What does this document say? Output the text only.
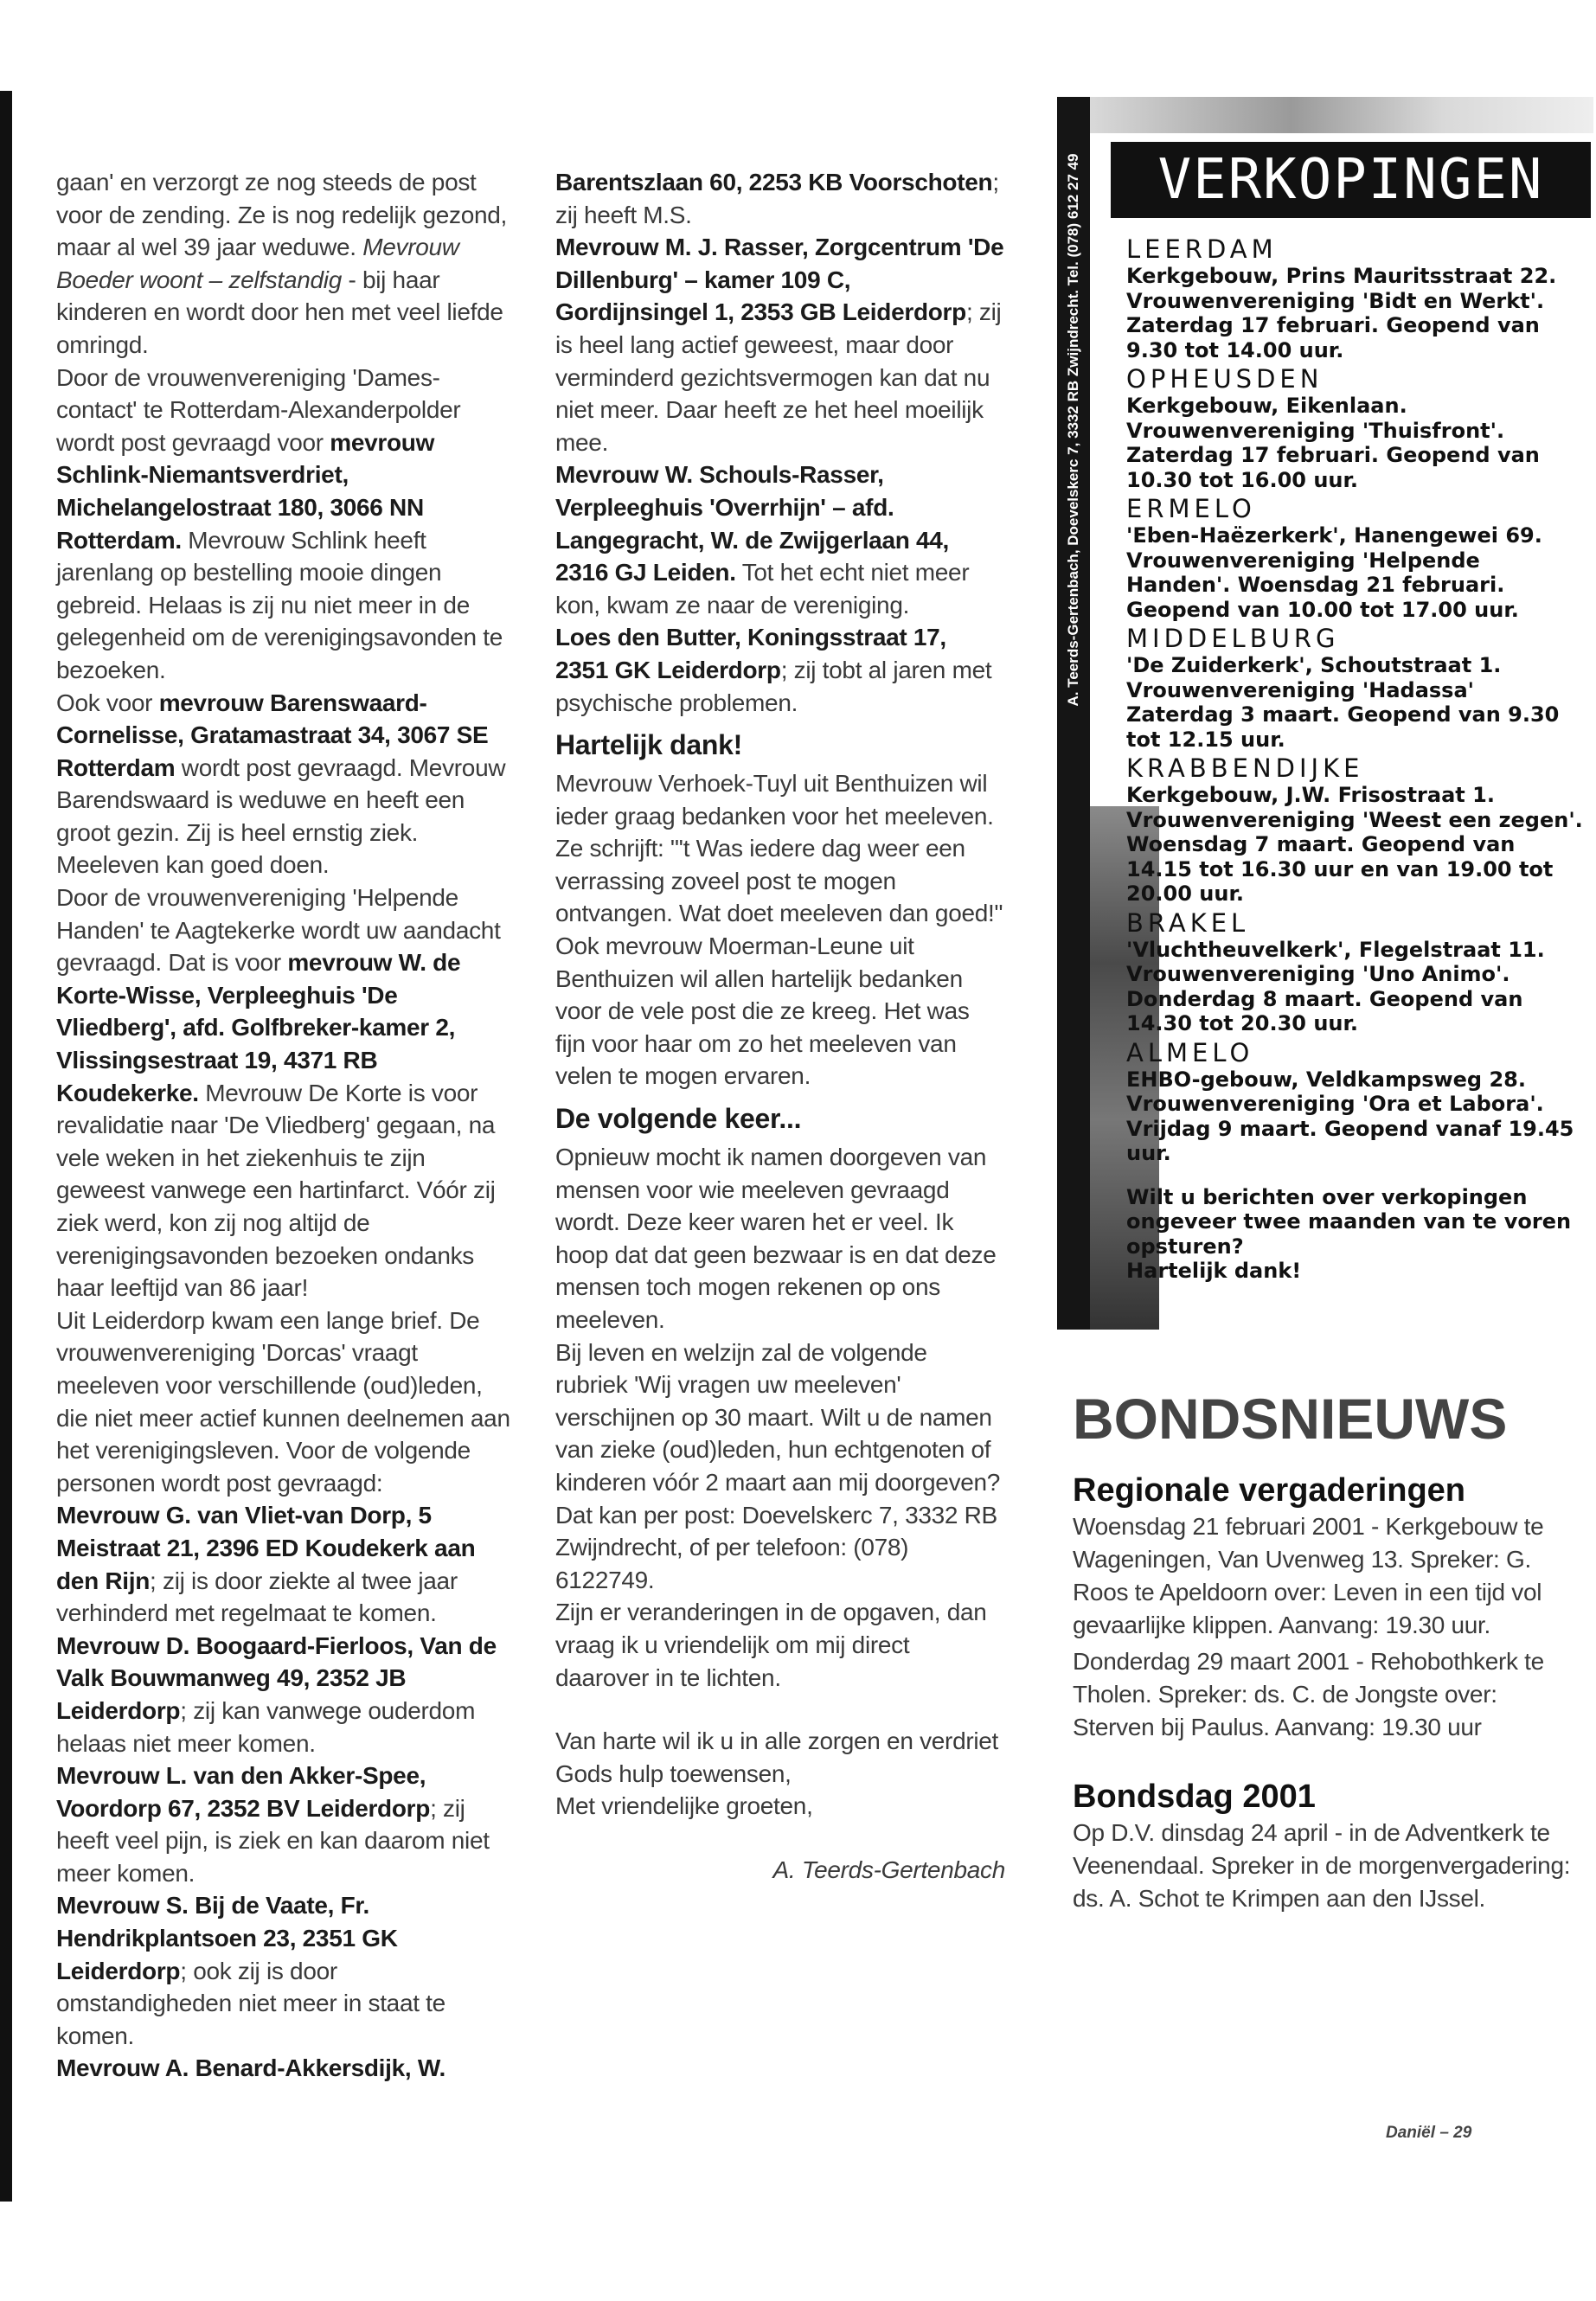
gaan' en verzorgt ze nog steeds de post voor de zending. Ze is nog redelijk gezond, maar al wel 39 jaar weduwe. Mevrouw Boeder woont – zelfstandig - bij haar kinderen en wordt door hen met veel liefde omringd.

Door de vrouwenvereniging 'Dames-contact' te Rotterdam-Alexanderpolder wordt post gevraagd voor mevrouw Schlink-Niemantsverdriet, Michelangelostraat 180, 3066 NN Rotterdam. Mevrouw Schlink heeft jarenlang op bestelling mooie dingen gebreid. Helaas is zij nu niet meer in de gelegenheid om de verenigingsavonden te bezoeken.

Ook voor mevrouw Barenswaard-Cornelisse, Gratamastraat 34, 3067 SE Rotterdam wordt post gevraagd. Mevrouw Barendswaard is weduwe en heeft een groot gezin. Zij is heel ernstig ziek. Meeleven kan goed doen.

Door de vrouwenvereniging 'Helpende Handen' te Aagtekerke wordt uw aandacht gevraagd. Dat is voor mevrouw W. de Korte-Wisse, Verpleeghuis 'De Vliedberg', afd. Golfbreker-kamer 2, Vlissingsestraat 19, 4371 RB Koudekerke. Mevrouw De Korte is voor revalidatie naar 'De Vliedberg' gegaan, na vele weken in het ziekenhuis te zijn geweest vanwege een hartinfarct. Vóór zij ziek werd, kon zij nog altijd de verenigingsavonden bezoeken ondanks haar leeftijd van 86 jaar!

Uit Leiderdorp kwam een lange brief. De vrouwenvereniging 'Dorcas' vraagt meeleven voor verschillende (oud)leden, die niet meer actief kunnen deelnemen aan het verenigingsleven. Voor de volgende personen wordt post gevraagd:

Mevrouw G. van Vliet-van Dorp, 5 Meistraat 21, 2396 ED Koudekerk aan den Rijn; zij is door ziekte al twee jaar verhinderd met regelmaat te komen.

Mevrouw D. Boogaard-Fierloos, Van de Valk Bouwmanweg 49, 2352 JB Leiderdorp; zij kan vanwege ouderdom helaas niet meer komen.

Mevrouw L. van den Akker-Spee, Voordorp 67, 2352 BV Leiderdorp; zij heeft veel pijn, is ziek en kan daarom niet meer komen.

Mevrouw S. Bij de Vaate, Fr. Hendrikplantsoen 23, 2351 GK Leiderdorp; ook zij is door omstandigheden niet meer in staat te komen.

Mevrouw A. Benard-Akkersdijk, W.

Barentszlaan 60, 2253 KB Voorschoten; zij heeft M.S.

Mevrouw M. J. Rasser, Zorgcentrum 'De Dillenburg' – kamer 109 C, Gordijnsingel 1, 2353 GB Leiderdorp; zij is heel lang actief geweest, maar door verminderd gezichtsvermogen kan dat nu niet meer. Daar heeft ze het heel moeilijk mee.

Mevrouw W. Schouls-Rasser, Verpleeghuis 'Overrhijn' – afd. Langegracht, W. de Zwijgerlaan 44, 2316 GJ Leiden. Tot het echt niet meer kon, kwam ze naar de vereniging.

Loes den Butter, Koningsstraat 17, 2351 GK Leiderdorp; zij tobt al jaren met psychische problemen.

Hartelijk dank!

Mevrouw Verhoek-Tuyl uit Benthuizen wil ieder graag bedanken voor het meeleven. Ze schrijft: "'t Was iedere dag weer een verrassing zoveel post te mogen ontvangen. Wat doet meeleven dan goed!"

Ook mevrouw Moerman-Leune uit Benthuizen wil allen hartelijk bedanken voor de vele post die ze kreeg. Het was fijn voor haar om zo het meeleven van velen te mogen ervaren.

De volgende keer...

Opnieuw mocht ik namen doorgeven van mensen voor wie meeleven gevraagd wordt. Deze keer waren het er veel. Ik hoop dat dat geen bezwaar is en dat deze mensen toch mogen rekenen op ons meeleven.

Bij leven en welzijn zal de volgende rubriek 'Wij vragen uw meeleven' verschijnen op 30 maart. Wilt u de namen van zieke (oud)leden, hun echtgenoten of kinderen vóór 2 maart aan mij doorgeven? Dat kan per post: Doevelskerc 7, 3332 RB Zwijndrecht, of per telefoon: (078) 6122749.

Zijn er veranderingen in de opgaven, dan vraag ik u vriendelijk om mij direct daarover in te lichten.

Van harte wil ik u in alle zorgen en verdriet Gods hulp toewensen,
Met vriendelijke groeten,

A. Teerds-Gertenbach

A. Teerds-Gertenbach, Doevelskerc 7, 3332 RB Zwijndrecht. Tel. (078) 612 27 49	VERKOPINGEN
LEERDAM
Kerkgebouw, Prins Mauritsstraat 22. Vrouwenvereniging 'Bidt en Werkt'. Zaterdag 17 februari. Geopend van 9.30 tot 14.00 uur.
OPHEUSDEN
Kerkgebouw, Eikenlaan. Vrouwenvereniging 'Thuisfront'. Zaterdag 17 februari. Geopend van 10.30 tot 16.00 uur.
ERMELO
'Eben-Haëzerkerk', Hanengewei 69. Vrouwenvereniging 'Helpende Handen'. Woensdag 21 februari. Geopend van 10.00 tot 17.00 uur.
MIDDELBURG
'De Zuiderkerk', Schoutstraat 1. Vrouwenvereniging 'Hadassa' Zaterdag 3 maart. Geopend van 9.30 tot 12.15 uur.
KRABBENDIJKE
Kerkgebouw, J.W. Frisostraat 1. Vrouwenvereniging 'Weest een zegen'. Woensdag 7 maart. Geopend van 14.15 tot 16.30 uur en van 19.00 tot 20.00 uur.
BRAKEL
'Vluchtheuvelkerk', Flegelstraat 11. Vrouwenvereniging 'Uno Animo'. Donderdag 8 maart. Geopend van 14.30 tot 20.30 uur.
ALMELO
EHBO-gebouw, Veldkampsweg 28. Vrouwenvereniging 'Ora et Labora'. Vrijdag 9 maart. Geopend vanaf 19.45 uur.
Wilt u berichten over verkopingen ongeveer twee maanden van te voren opsturen?
Hartelijk dank!
BONDSNIEUWS
Regionale vergaderingen

Woensdag 21 februari 2001 - Kerkgebouw te Wageningen, Van Uvenweg 13. Spreker: G. Roos te Apeldoorn over: Leven in een tijd vol gevaarlijke klippen. Aanvang: 19.30 uur.

Donderdag 29 maart 2001 - Rehobothkerk te Tholen. Spreker: ds. C. de Jongste over: Sterven bij Paulus. Aanvang: 19.30 uur

Bondsdag 2001

Op D.V. dinsdag 24 april - in de Adventkerk te Veenendaal. Spreker in de morgenvergadering: ds. A. Schot te Krimpen aan den IJssel.

Daniël – 29
